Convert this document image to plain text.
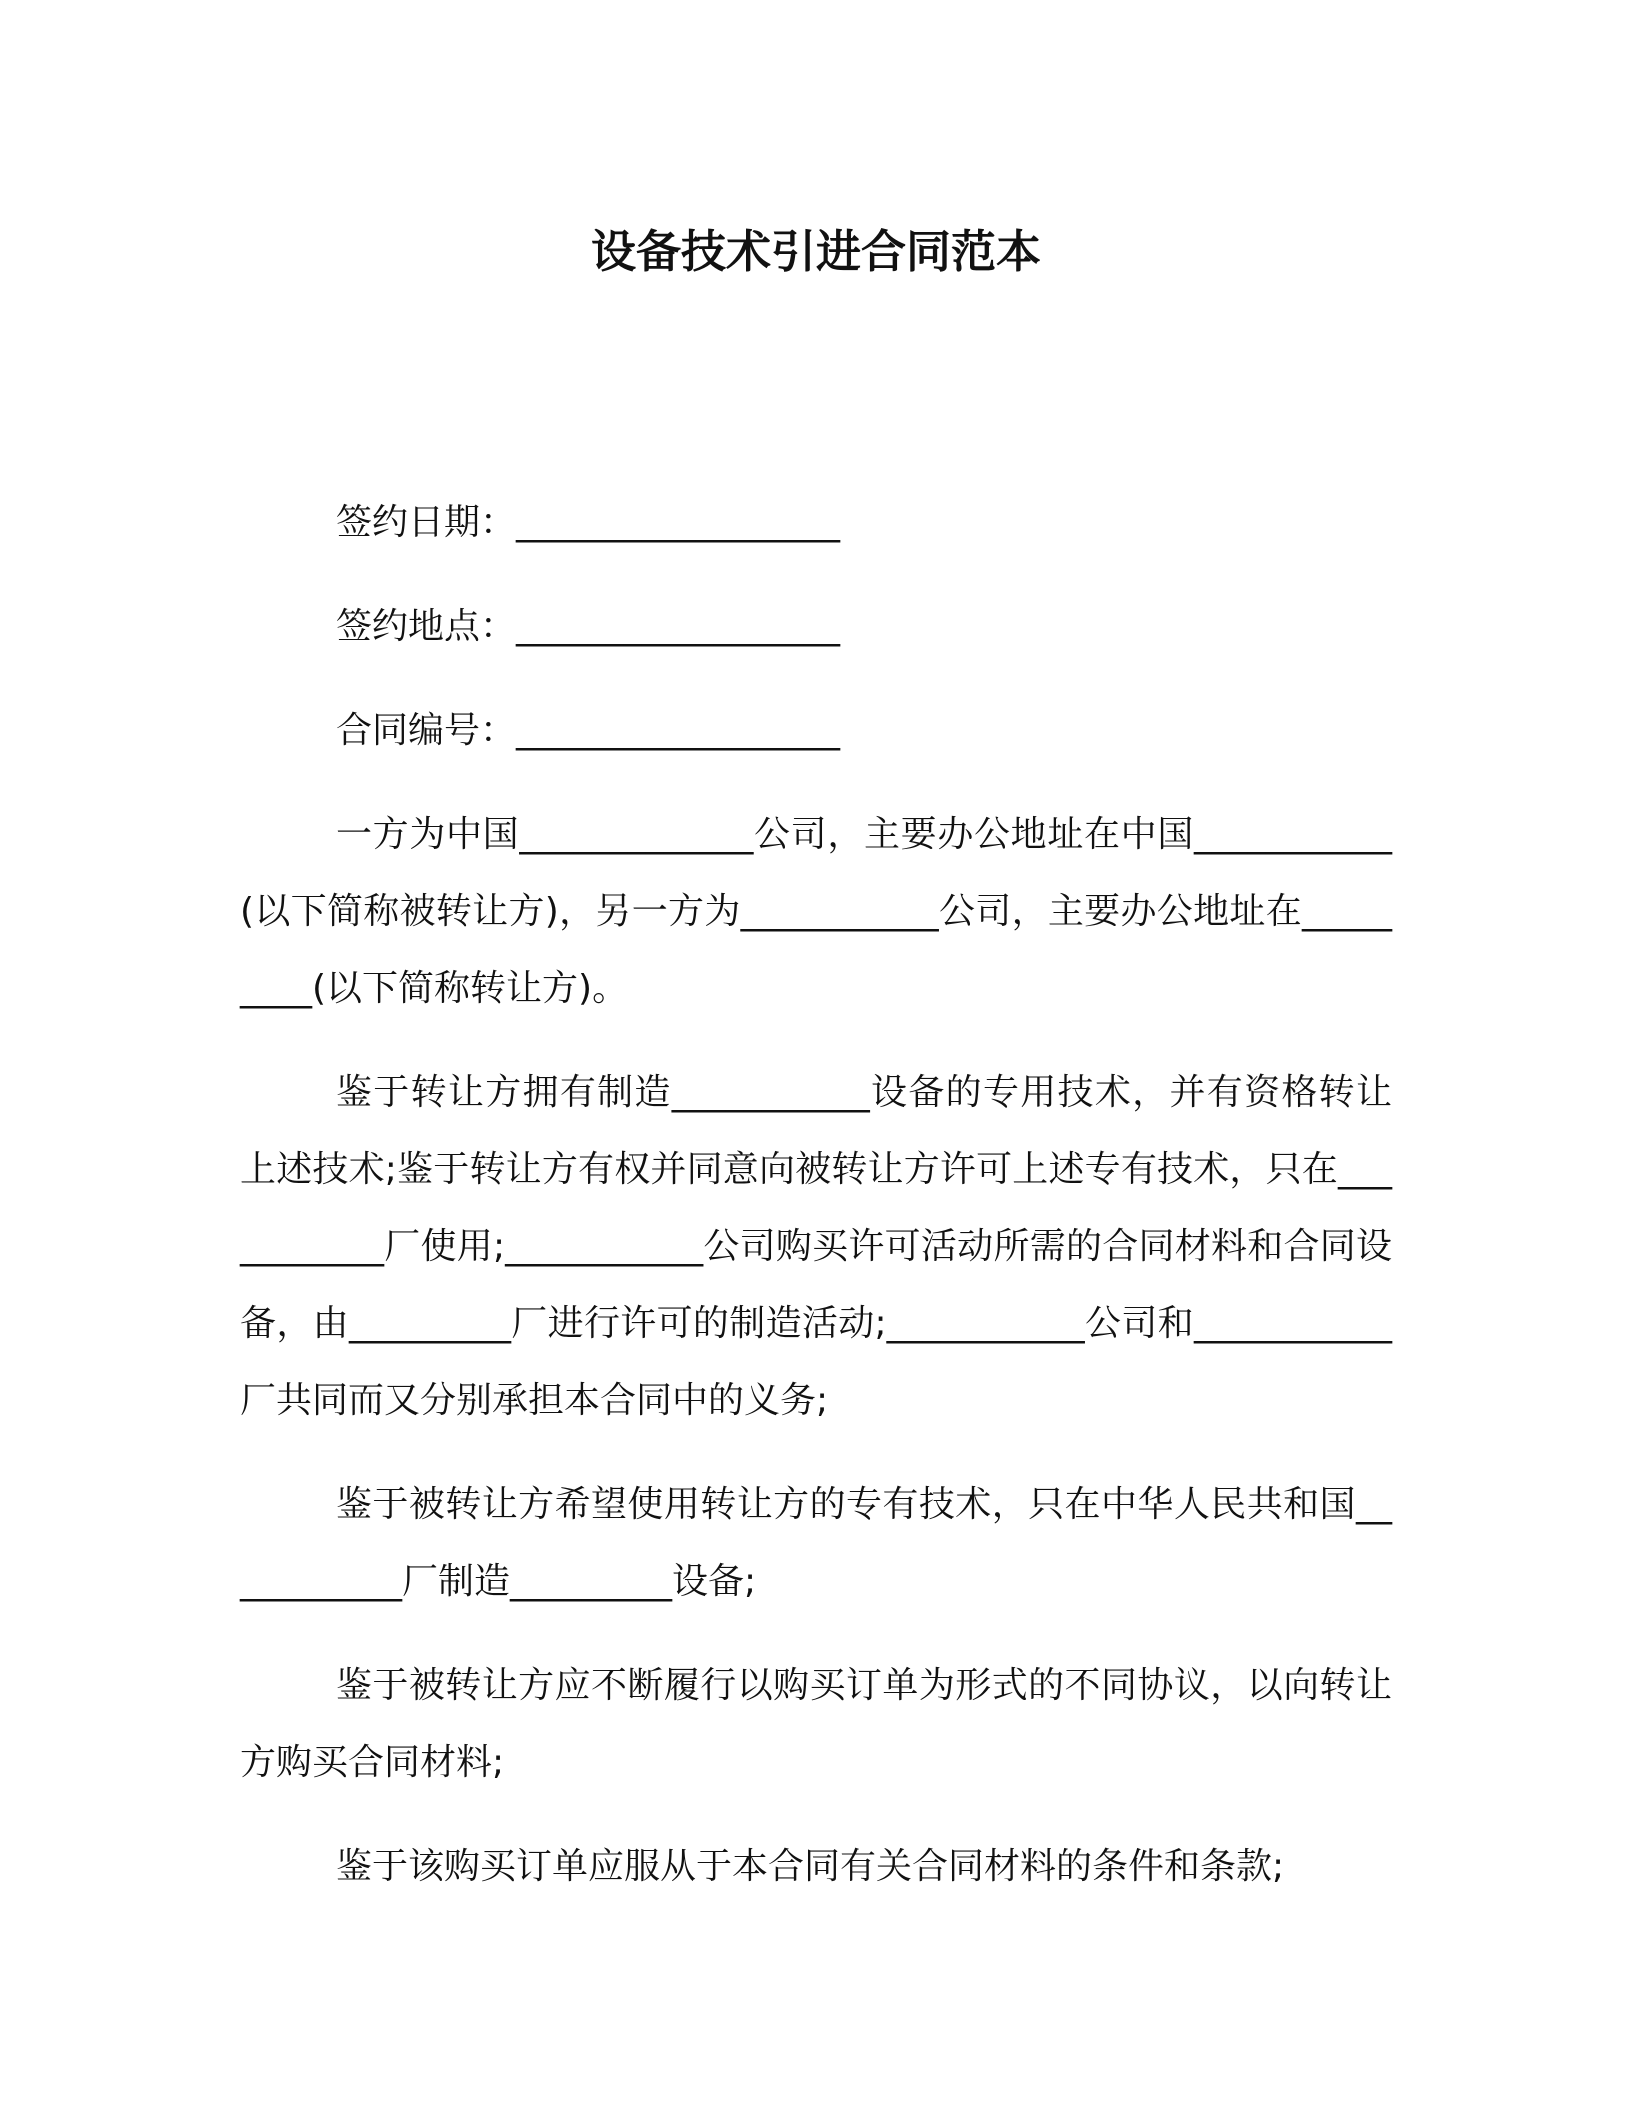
设备技术引进合同范本
签约日期：__________________
签约地点：__________________
合同编号：__________________

一方为中国_____________公司，主要办公地址在中国___________(以下简称被转让方)，另一方为___________公司，主要办公地址在_________(以下简称转让方)。

鉴于转让方拥有制造___________设备的专用技术，并有资格转让上述技术;鉴于转让方有权并同意向被转让方许可上述专有技术，只在___________厂使用;___________公司购买许可活动所需的合同材料和合同设备，由_________厂进行许可的制造活动;___________公司和___________厂共同而又分别承担本合同中的义务;

鉴于被转让方希望使用转让方的专有技术，只在中华人民共和国___________厂制造_________设备;

鉴于被转让方应不断履行以购买订单为形式的不同协议，以向转让方购买合同材料;

鉴于该购买订单应服从于本合同有关合同材料的条件和条款;
